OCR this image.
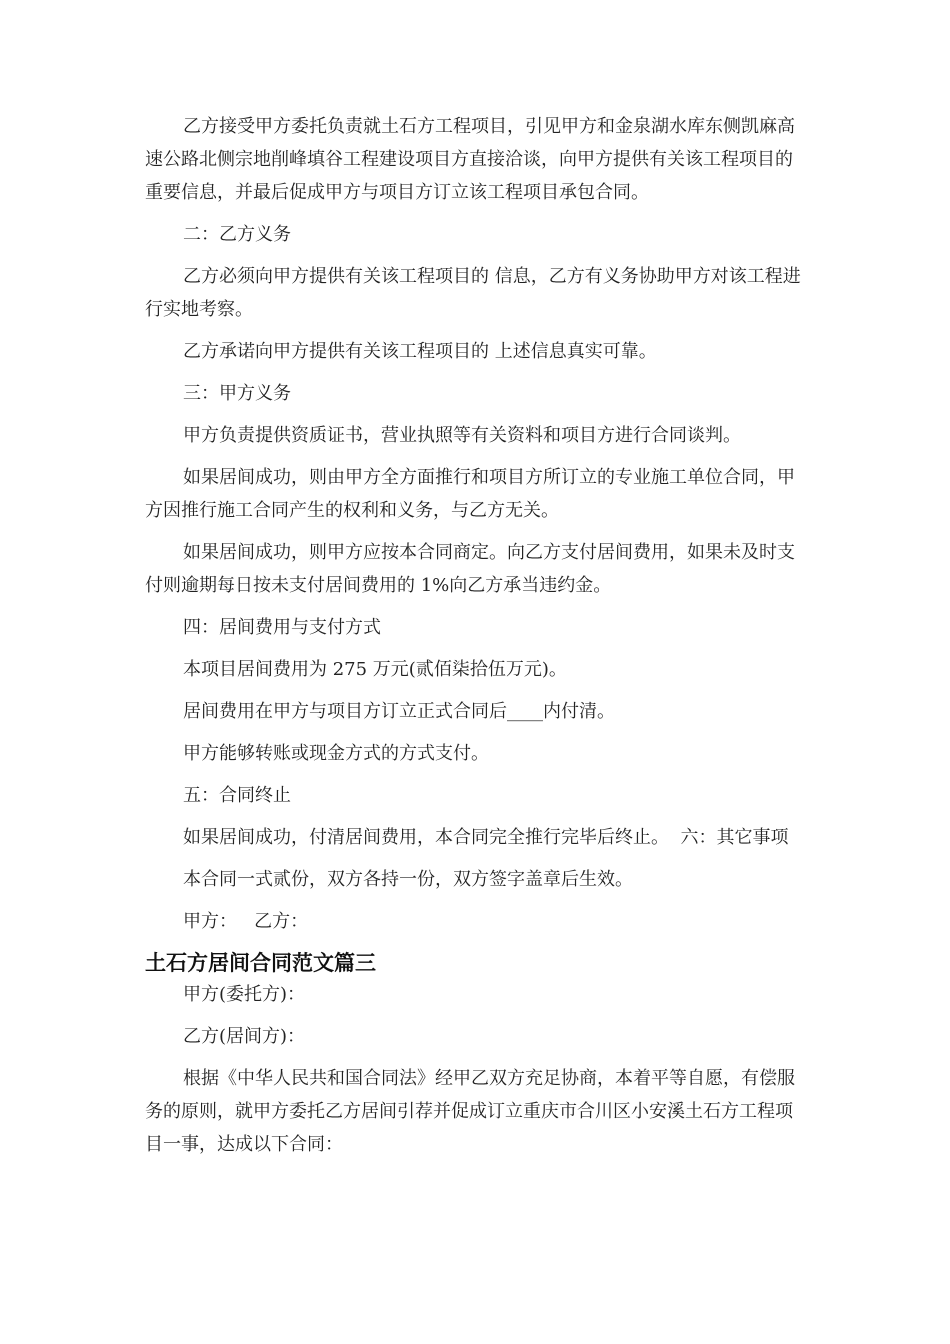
乙方接受甲方委托负责就土石方工程项目，引见甲方和金泉湖水库东侧凯麻高速公路北侧宗地削峰填谷工程建设项目方直接洽谈，向甲方提供有关该工程项目的重要信息，并最后促成甲方与项目方订立该工程项目承包合同。

二：乙方义务

乙方必须向甲方提供有关该工程项目的 信息，乙方有义务协助甲方对该工程进行实地考察。

乙方承诺向甲方提供有关该工程项目的 上述信息真实可靠。

三：甲方义务

甲方负责提供资质证书，营业执照等有关资料和项目方进行合同谈判。

如果居间成功，则由甲方全方面推行和项目方所订立的专业施工单位合同，甲方因推行施工合同产生的权利和义务，与乙方无关。

如果居间成功，则甲方应按本合同商定。向乙方支付居间费用，如果未及时支付则逾期每日按未支付居间费用的 1%向乙方承当违约金。

四：居间费用与支付方式

本项目居间费用为 275 万元(贰佰柒拾伍万元)。

居间费用在甲方与项目方订立正式合同后____内付清。

甲方能够转账或现金方式的方式支付。

五：合同终止

如果居间成功，付清居间费用，本合同完全推行完毕后终止。  六：其它事项

本合同一式贰份，双方各持一份，双方签字盖章后生效。

甲方：   乙方：

土石方居间合同范文篇三

甲方(委托方)：

乙方(居间方)：

根据《中华人民共和国合同法》经甲乙双方充足协商，本着平等自愿，有偿服务的原则，就甲方委托乙方居间引荐并促成订立重庆市合川区小安溪土石方工程项目一事，达成以下合同：
